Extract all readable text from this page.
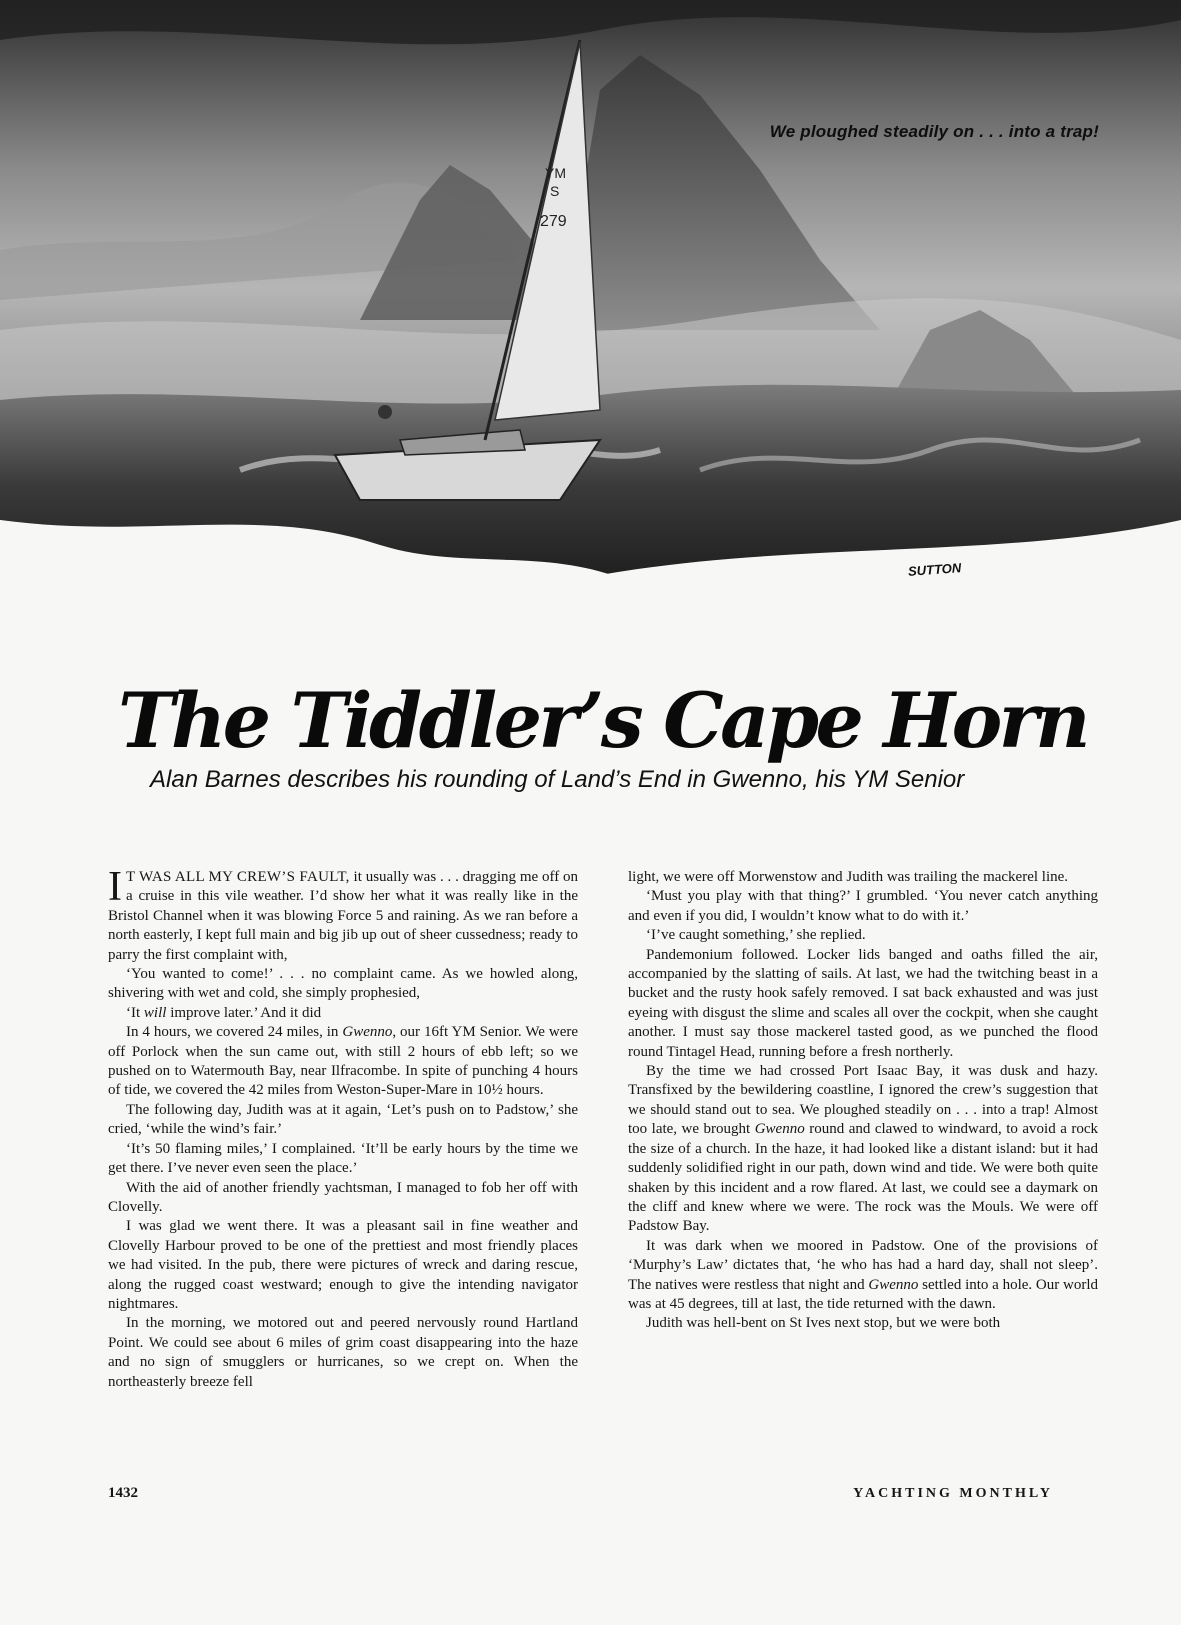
YM
S
279
We ploughed steadily on . . . into a trap!
SUTTON
The Tiddler’s Cape Horn
Alan Barnes describes his rounding of Land’s End in Gwenno, his YM Senior

I T WAS ALL MY CREW’S FAULT, it usually was . . . dragging me off on a cruise in this vile weather. I’d show her what it was really like in the Bristol Channel when it was blowing Force 5 and raining. As we ran before a north easterly, I kept full main and big jib up out of sheer cussedness; ready to parry the first complaint with,

‘You wanted to come!’ . . . no complaint came. As we howled along, shivering with wet and cold, she simply prophesied,

‘It will improve later.’ And it did

In 4 hours, we covered 24 miles, in Gwenno, our 16ft YM Senior. We were off Porlock when the sun came out, with still 2 hours of ebb left; so we pushed on to Watermouth Bay, near Ilfracombe. In spite of punching 4 hours of tide, we covered the 42 miles from Weston-Super-Mare in 10½ hours.

The following day, Judith was at it again, ‘Let’s push on to Padstow,’ she cried, ‘while the wind’s fair.’

‘It’s 50 flaming miles,’ I complained. ‘It’ll be early hours by the time we get there. I’ve never even seen the place.’

With the aid of another friendly yachtsman, I managed to fob her off with Clovelly.

I was glad we went there. It was a pleasant sail in fine weather and Clovelly Harbour proved to be one of the prettiest and most friendly places we had visited. In the pub, there were pictures of wreck and daring rescue, along the rugged coast westward; enough to give the intending navigator nightmares.

In the morning, we motored out and peered nervously round Hartland Point. We could see about 6 miles of grim coast disappearing into the haze and no sign of smugglers or hurricanes, so we crept on. When the northeasterly breeze fell

light, we were off Morwenstow and Judith was trailing the mackerel line.

‘Must you play with that thing?’ I grumbled. ‘You never catch anything and even if you did, I wouldn’t know what to do with it.’

‘I’ve caught something,’ she replied.

Pandemonium followed. Locker lids banged and oaths filled the air, accompanied by the slatting of sails. At last, we had the twitching beast in a bucket and the rusty hook safely removed. I sat back exhausted and was just eyeing with disgust the slime and scales all over the cockpit, when she caught another. I must say those mackerel tasted good, as we punched the flood round Tintagel Head, running before a fresh northerly.

By the time we had crossed Port Isaac Bay, it was dusk and hazy. Transfixed by the bewildering coastline, I ignored the crew’s suggestion that we should stand out to sea. We ploughed steadily on . . . into a trap! Almost too late, we brought Gwenno round and clawed to windward, to avoid a rock the size of a church. In the haze, it had looked like a distant island: but it had suddenly solidified right in our path, down wind and tide. We were both quite shaken by this incident and a row flared. At last, we could see a daymark on the cliff and knew where we were. The rock was the Mouls. We were off Padstow Bay.

It was dark when we moored in Padstow. One of the provisions of ‘Murphy’s Law’ dictates that, ‘he who has had a hard day, shall not sleep’. The natives were restless that night and Gwenno settled into a hole. Our world was at 45 degrees, till at last, the tide returned with the dawn.

Judith was hell-bent on St Ives next stop, but we were both

1432	YACHTING MONTHLY
